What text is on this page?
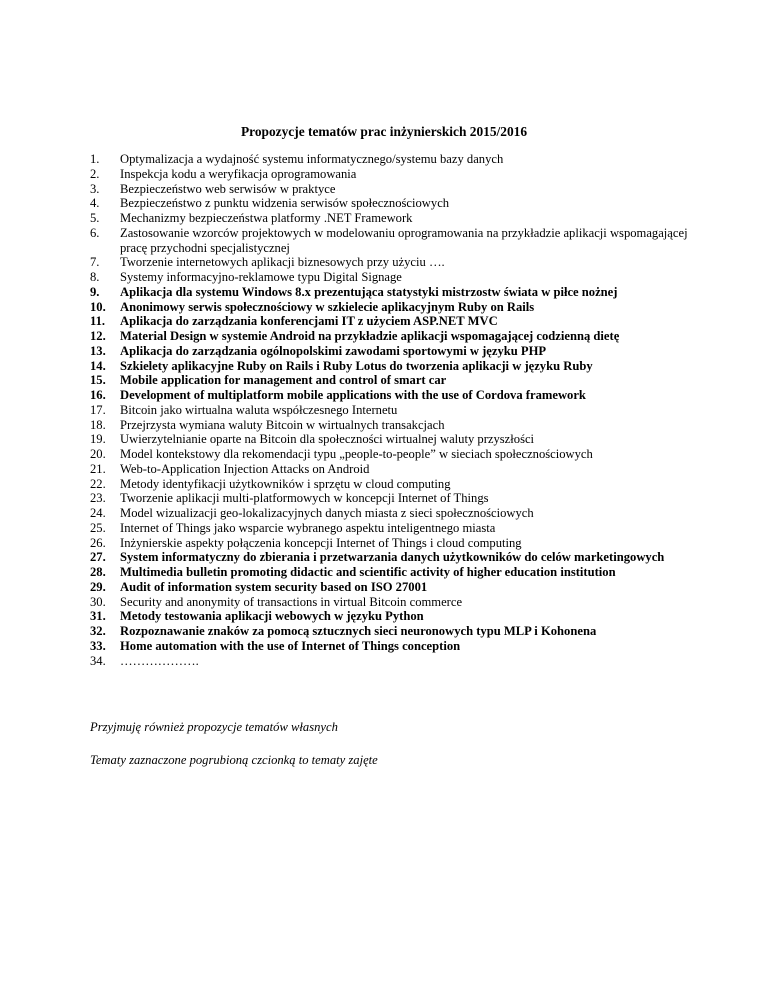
Propozycje tematów prac inżynierskich 2015/2016
1.	Optymalizacja a wydajność systemu informatycznego/systemu bazy danych
2.	Inspekcja kodu a weryfikacja oprogramowania
3.	Bezpieczeństwo web serwisów w praktyce
4.	Bezpieczeństwo z punktu widzenia serwisów społecznościowych
5.	Mechanizmy bezpieczeństwa platformy .NET Framework
6.	Zastosowanie wzorców projektowych w modelowaniu oprogramowania na przykładzie aplikacji wspomagającej pracę przychodni specjalistycznej
7.	Tworzenie internetowych aplikacji biznesowych przy użyciu ….
8.	Systemy informacyjno-reklamowe typu Digital Signage
9.	Aplikacja dla systemu Windows 8.x prezentująca statystyki mistrzostw świata w piłce nożnej
10.	Anonimowy serwis społecznościowy w szkielecie aplikacyjnym Ruby on Rails
11.	Aplikacja do zarządzania konferencjami IT z użyciem ASP.NET MVC
12.	Material Design w systemie Android na przykładzie aplikacji wspomagającej codzienną dietę
13.	Aplikacja do zarządzania ogólnopolskimi zawodami sportowymi w języku PHP
14.	Szkielety aplikacyjne Ruby on Rails i Ruby Lotus do tworzenia aplikacji w języku Ruby
15.	Mobile application for management and control of smart car
16.	Development of multiplatform mobile applications with the use of Cordova framework
17.	Bitcoin jako wirtualna waluta współczesnego Internetu
18.	Przejrzysta wymiana waluty Bitcoin w wirtualnych transakcjach
19.	Uwierzytelnianie oparte na Bitcoin dla społeczności wirtualnej waluty przyszłości
20.	Model kontekstowy dla rekomendacji typu „people-to-people” w sieciach społecznościowych
21.	Web-to-Application Injection Attacks on Android
22.	Metody identyfikacji użytkowników i sprzętu w cloud computing
23.	Tworzenie aplikacji multi-platformowych w koncepcji Internet of Things
24.	Model wizualizacji geo-lokalizacyjnych danych miasta z sieci społecznościowych
25.	Internet of Things jako wsparcie wybranego aspektu inteligentnego miasta
26.	Inżynierskie aspekty połączenia koncepcji Internet of Things i cloud computing
27.	System informatyczny do zbierania i przetwarzania danych użytkowników do celów marketingowych
28.	Multimedia bulletin promoting didactic and scientific activity of higher education institution
29.	Audit of information system security based on ISO 27001
30.	Security and anonymity of transactions in virtual Bitcoin commerce
31.	Metody testowania aplikacji webowych w języku Python
32.	Rozpoznawanie znaków za pomocą sztucznych sieci neuronowych typu MLP i Kohonena
33.	Home automation with the use of Internet of Things conception
34.	……………….
Przyjmuję również propozycje tematów własnych
Tematy zaznaczone pogrubioną czcionką to tematy zajęte
